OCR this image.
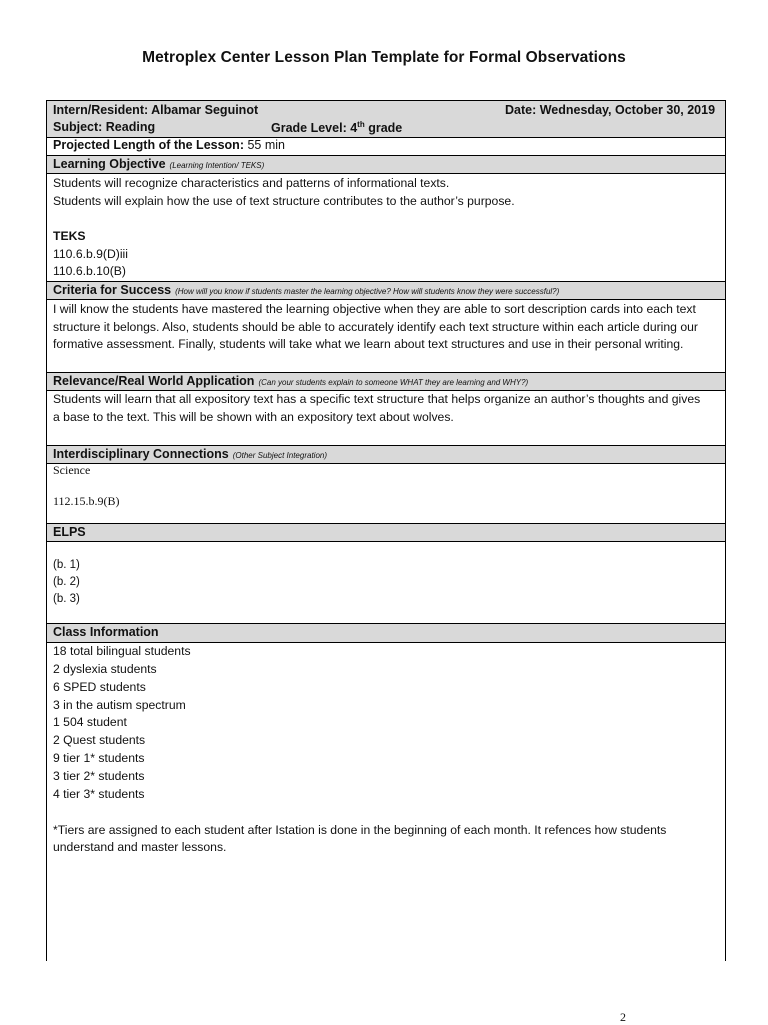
Metroplex Center Lesson Plan Template for Formal Observations
Intern/Resident: Albamar Seguinot	Date: Wednesday, October 30, 2019
Subject: Reading	Grade Level: 4th grade
Projected Length of the Lesson: 55 min
Learning Objective (Learning Intention/ TEKS)
Students will recognize characteristics and patterns of informational texts.
Students will explain how the use of text structure contributes to the author’s purpose.
TEKS
110.6.b.9(D)iii
110.6.b.10(B)
Criteria for Success (How will you know if students master the learning objective? How will students know they were successful?)
I will know the students have mastered the learning objective when they are able to sort description cards into each text
structure it belongs. Also, students should be able to accurately identify each text structure within each article during our
formative assessment. Finally, students will take what we learn about text structures and use in their personal writing.
Relevance/Real World Application (Can your students explain to someone WHAT they are learning and WHY?)
Students will learn that all expository text has a specific text structure that helps organize an author’s thoughts and gives
a base to the text. This will be shown with an expository text about wolves.
Interdisciplinary Connections (Other Subject Integration)
Science
112.15.b.9(B)
ELPS
(b. 1)
(b. 2)
(b. 3)
Class Information
18 total bilingual students
2 dyslexia students
6 SPED students
3 in the autism spectrum
1 504 student
2 Quest students
9 tier 1* students
3 tier 2* students
4 tier 3* students
*Tiers are assigned to each student after Istation is done in the beginning of each month. It refences how students
understand and master lessons.
2
